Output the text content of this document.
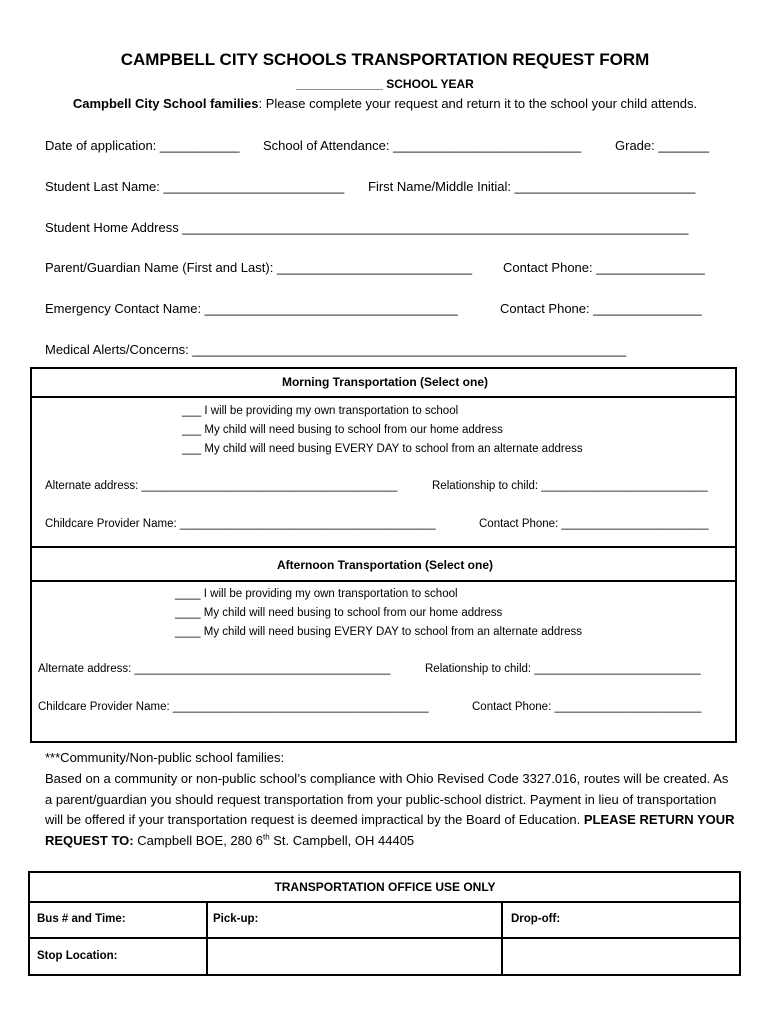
CAMPBELL CITY SCHOOLS TRANSPORTATION REQUEST FORM
_____________ SCHOOL YEAR
Campbell City School families: Please complete your request and return it to the school your child attends.
Date of application: ___________ School of Attendance: __________________________	Grade: _______
Student Last Name: _________________________ First Name/Middle Initial: _________________________
Student Home Address ______________________________________________________________________
Parent/Guardian Name (First and Last): ___________________________ Contact Phone: _______________
Emergency Contact Name: ___________________________________	Contact Phone: _______________
Medical Alerts/Concerns: ____________________________________________________________
Morning Transportation (Select one)
___ I will be providing my own transportation to school
___ My child will need busing to school from our home address
___ My child will need busing EVERY DAY to school from an alternate address
Alternate address: ________________________________________	Relationship to child: __________________________
Childcare Provider Name: ________________________________________	Contact Phone: _______________________
Afternoon Transportation (Select one)
____ I will be providing my own transportation to school
____ My child will need busing to school from our home address
____ My child will need busing EVERY DAY to school from an alternate address
Alternate address: ________________________________________	Relationship to child: __________________________
Childcare Provider Name: ________________________________________	Contact Phone: _______________________
***Community/Non-public school families:
Based on a community or non-public school’s compliance with Ohio Revised Code 3327.016, routes will be created. As a parent/guardian you should request transportation from your public-school district. Payment in lieu of transportation will be offered if your transportation request is deemed impractical by the Board of Education. PLEASE RETURN YOUR REQUEST TO: Campbell BOE, 280 6th St. Campbell, OH 44405
TRANSPORTATION OFFICE USE ONLY
Bus # and Time:	Pick-up:	Drop-off:
Stop Location:
